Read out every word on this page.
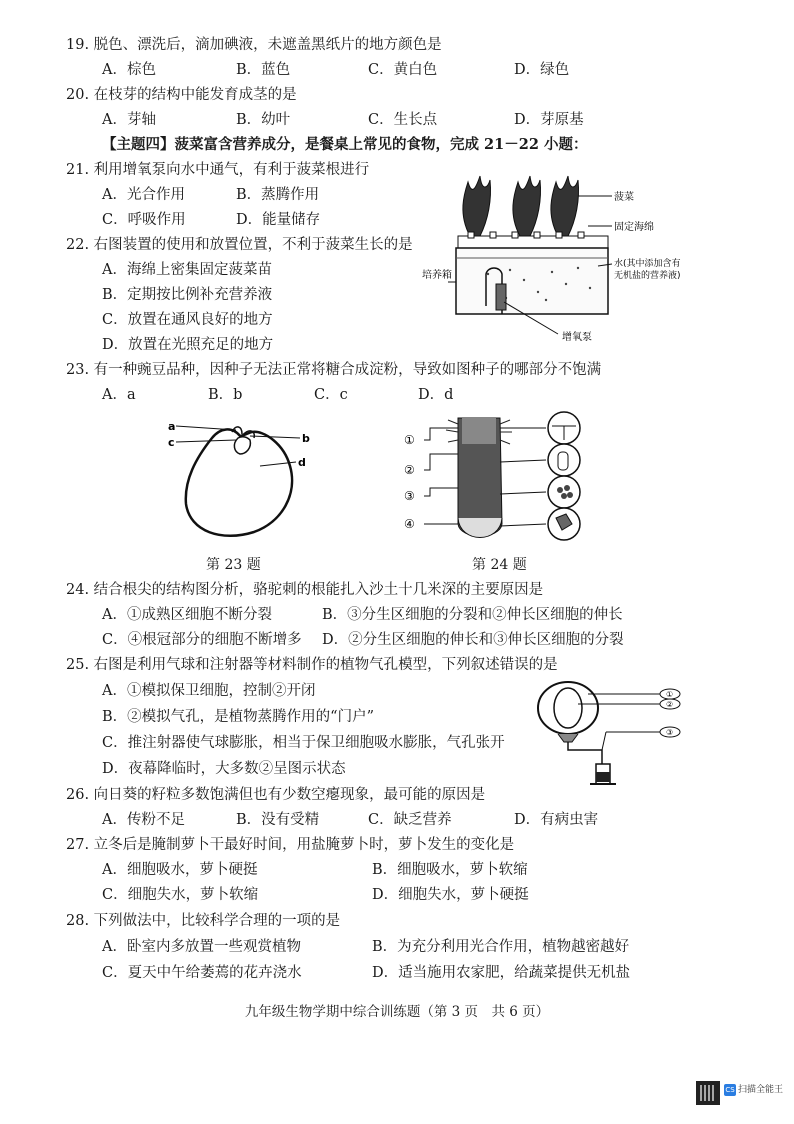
19. 脱色、漂洗后，滴加碘液，未遮盖黑纸片的地方颜色是
A．棕色	B．蓝色	C．黄白色	D．绿色
20. 在枝芽的结构中能发育成茎的是
A．芽轴	B．幼叶	C．生长点	D．芽原基
【主题四】菠菜富含营养成分，是餐桌上常见的食物，完成 21－22 小题：
21. 利用增氧泵向水中通气，有利于菠菜根进行
A．光合作用	B．蒸腾作用
C．呼吸作用	D．能量储存
22. 右图装置的使用和放置位置，不利于菠菜生长的是
A．海绵上密集固定菠菜苗
B．定期按比例补充营养液
C．放置在通风良好的地方
D．放置在光照充足的地方
菠菜
固定海绵
水(其中添加含有
无机盐的营养液)
培养箱
增氧泵
23. 有一种豌豆品种，因种子无法正常将糖合成淀粉，导致如图种子的哪部分不饱满
A．a	B．b	C．c	D．d
a
c	b
d
第 23 题
①
②
③
④
第 24 题
24. 结合根尖的结构图分析，骆驼刺的根能扎入沙土十几米深的主要原因是
A．①成熟区细胞不断分裂	B．③分生区细胞的分裂和②伸长区细胞的伸长
C．④根冠部分的细胞不断增多 D．②分生区细胞的伸长和③伸长区细胞的分裂
25. 右图是利用气球和注射器等材料制作的植物气孔模型，下列叙述错误的是
A．①模拟保卫细胞，控制②开闭
B．②模拟气孔，是植物蒸腾作用的“门户”
C．推注射器使气球膨胀，相当于保卫细胞吸水膨胀，气孔张开
D．夜幕降临时，大多数②呈图示状态
①
②
③
26. 向日葵的籽粒多数饱满但也有少数空瘪现象，最可能的原因是
A．传粉不足	B．没有受精	C．缺乏营养	D．有病虫害
27. 立冬后是腌制萝卜干最好时间，用盐腌萝卜时，萝卜发生的变化是
A．细胞吸水，萝卜硬挺	B．细胞吸水，萝卜软缩
C．细胞失水，萝卜软缩	D．细胞失水，萝卜硬挺
28. 下列做法中，比较科学合理的一项的是
A．卧室内多放置一些观赏植物	B．为充分利用光合作用，植物越密越好
C．夏天中午给萎蔫的花卉浇水	D．适当施用农家肥，给蔬菜提供无机盐
九年级生物学期中综合训练题（第 3 页　共 6 页）
CS 扫描全能王
